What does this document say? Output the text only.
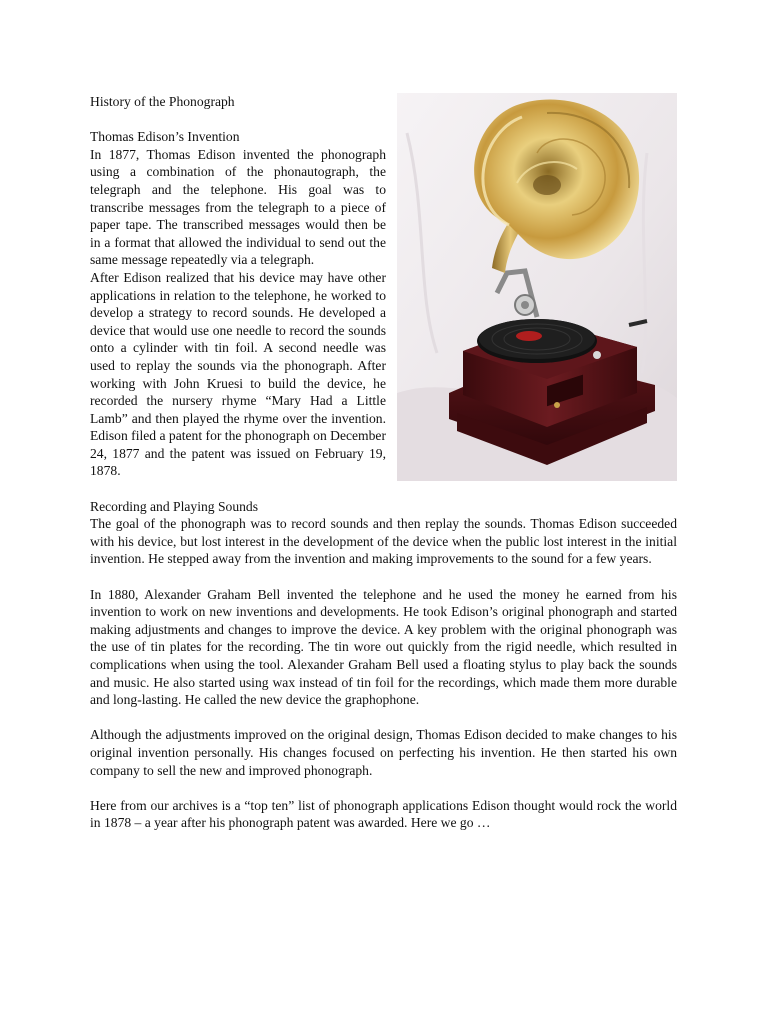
History of the Phonograph
Thomas Edison’s Invention

In 1877, Thomas Edison invented the phonograph using a combination of the phonautograph, the telegraph and the telephone. His goal was to transcribe messages from the telegraph to a piece of paper tape. The transcribed messages would then be in a format that allowed the individual to send out the same message repeatedly via a telegraph.

After Edison realized that his device may have other applications in relation to the telephone, he worked to develop a strategy to record sounds. He developed a device that would use one needle to record the sounds onto a cylinder with tin foil. A second needle was used to replay the sounds via the phonograph. After working with John Kruesi to build the device, he recorded the nursery rhyme “Mary Had a Little Lamb” and then played the rhyme over the invention. Edison filed a patent for the phonograph on December 24, 1877 and the patent was issued on February 19, 1878.

Recording and Playing Sounds

The goal of the phonograph was to record sounds and then replay the sounds. Thomas Edison succeeded with his device, but lost interest in the development of the device when the public lost interest in the initial invention. He stepped away from the invention and making improvements to the sound for a few years.

In 1880, Alexander Graham Bell invented the telephone and he used the money he earned from his invention to work on new inventions and developments. He took Edison’s original phonograph and started making adjustments and changes to improve the device. A key problem with the original phonograph was the use of tin plates for the recording. The tin wore out quickly from the rigid needle, which resulted in complications when using the tool. Alexander Graham Bell used a floating stylus to play back the sounds and music. He also started using wax instead of tin foil for the recordings, which made them more durable and long-lasting. He called the new device the graphophone.

Although the adjustments improved on the original design, Thomas Edison decided to make changes to his original invention personally. His changes focused on perfecting his invention. He then started his own company to sell the new and improved phonograph.

Here from our archives is a “top ten” list of phonograph applications Edison thought would rock the world in 1878 – a year after his phonograph patent was awarded. Here we go …
